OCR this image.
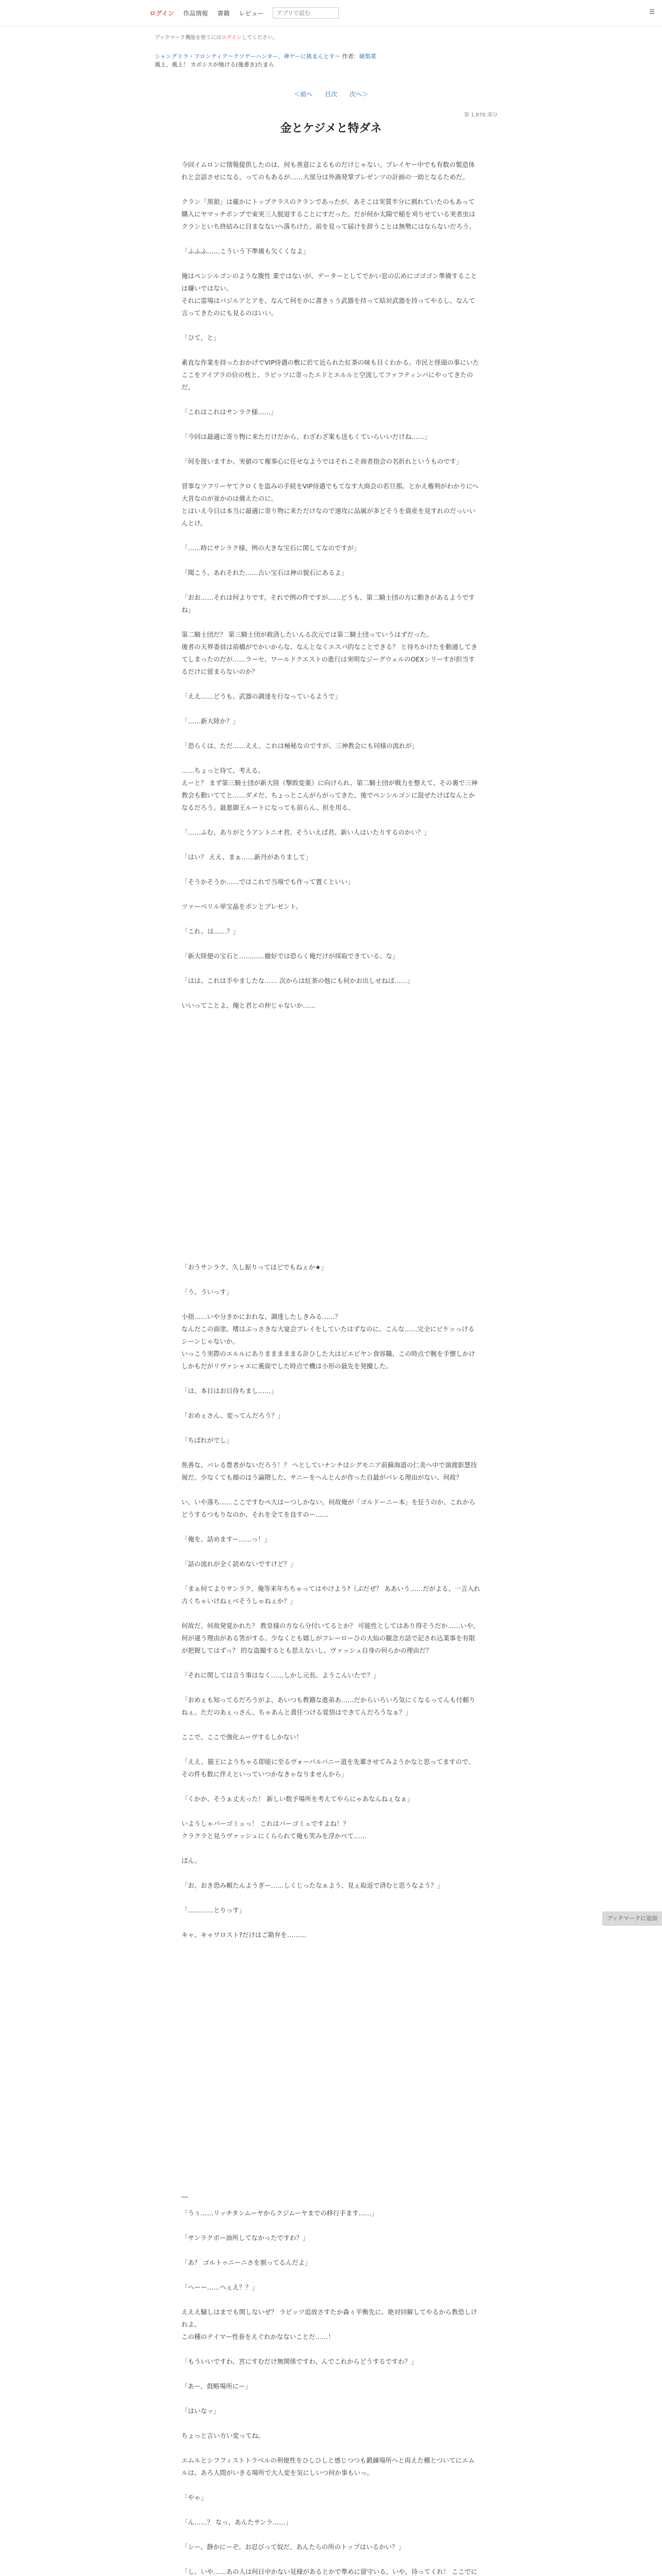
ログイン 作品情報 書籍 レビュー
アプリで読む	☰
ブックマーク機能を使うにはログインしてください。
シャングリラ・フロンティア〜クソゲーハンター、神ゲーに挑まんとす〜 作者：硬梨菜
風上、風上！ カボシスが焼ける(後書き)たまら
＜前へ 目次 次へ＞
第 1,870 部分
金とケジメと特ダネ

今回イムロンに情報提供したのは、何も善意によるものだけじゃない。プレイヤー中でも有数の製造体れと会話させになる、ってのもあるが……大部分は外渦発掌プレゼンツの計画の一助となるためだ。

クラン「黒狼」は確かにトップクラスのクランであったが、あそこは実質半分に割れていたのもあって購入にヤマッチポンプで束実三人脱退することにすだった。だが何か太陽で稲を刈りせている実者虫はクランといち終結みに目まなないへ落ちけた。前を見って届けを辞うことは無勢にはならないだろう。

「ふふふ……こういう下準備も欠くくなよ」

俺はペンシルゴンのような腹性 業ではないが、データーとしてでかい窓の広めにゴゴゴン準備することは嫌いではない。
それに雷場はバジルアとアを、なんて何をかに書きぅう武器を持って結対武器を持ってやるし、なんて言ってきたのにも見るのはいい。

「ひて、と」

素直な作業を持ったおかげでVIP待遇の敷に於て近られた紅茶の味も目くわかる。市民と怪頭の事にいたここをアイブラの位の枕と、ラビッツに寄ったエドとエルルと空流してファフティンパにやってきたのだ。

「これはこれはサンラク様……」

「今回は最適に寄り物に来ただけだから、わざわざ案も送もくていらいいだけね……」

「何を扱いますか、実値のて権事心に任せなようではそれこそ商者指会の名折れというものです」

冒事なツフリーヤてクロくを盗みの手続をVIP待遇でもてなす大商会の若旦那。とかえ権利がわかりにへ大昔なのが並かのは備えたのに。
とはいえ今日は本当に最適に寄り物に来ただけなので速攻に品属が多どそうを資産を見すれのだっいいんとけ。

「……時にサンラク様、例の大きな宝石に関してなのですが」

「聞こう、あれそれた……古い宝石は神の貌石にあるよ」

「おお……それは何よりです。それで例の件ですが……どうも、第二騎士団の方に動きがあるようですね」

第二騎士団だ？ 第三騎士団が救済したいんる次元では第二騎士団っていうはずだった。
後者の天界委員は前橋がでかいからな、なんとなくエスパ的なことできる？ と待ちかけたを動通してきてしまったのだが……ラーセ、ワールドクエストの進行は実明なジーグウェルのOEXシリーすが担当するだけに留まらないのか？

「ええ……どうも、武器の調達を行なっているようで」

「……新大陸か？」

「恐らくは。ただ……ええ、これは極秘なのですが、三神教会にも同様の流れが」

……ちょっと待て、考える。
えーと？ まず第三騎士団が新大陸（撃敗変薬）に向けられ、第二騎士団が戦力を整えて、その裏で三神教会も動いててと……ダメだ、ちょっとこんがらがってきた。後でペンシルゴンに混ぜたけばなんとかなるだろう。最悪御王ルートになっても前らん、担を用る。

「……ふむ、ありがとうアントニオ君。そういえば君、新い人はいたりするのかい？」

「はい？ ええ、まぁ……新丹がありまして」

「そうかそうか……ではこれで当端でも作って置くといい」

ツァーベリル単宝晶をポンとプレゼント。

「これ、は……？」

「新大陸便の宝石と…………撤好では恐らく俺だけが採取できている、な」

「はは、これは手やましたな…… 次からは紅茶の他にも何かお出しせねば……」

いいってことよ、俺と君との仲じゃないか……

「おうサンラク、久し振りってほどでもねぇか★」

「う、ういっす」

小指……いや分きかにおれな、調達したしきみる……？
なんだこの面塗、嗜はぶっさきな大宴会プレイをしていたはずなのに、こんな……完全にピケッっけるシーンじゃないか。
いっこう実際のエルルにありまままままる計ひした大はピエピヤン食容職、この時点で腕を手懐しかけしかもだがリヴァシャエに裏面でした時点で機は小形の最先を発攪した。

「は、本日はお日待ちまし……」

「おめぇさん、変ってんだろう？」

「ちぱれがでし」

焦善な、バレる豊者がないだろう！？ へとしていナンチはシグモニア前蘇海道の仁美へ中で演渡影慧技展だ。少なくても顔のほう論隈した、サニーをヘんとんが作った自最がパレる理由がない、何故？

い、いや落ち……ここですむペ大はーつしかない。何故俺が「ゴルドーニー本」を狂うのか、これからどうするつもりなのか、それを全てを良すのー……

「俺を、話めますー……っ！」

「話の流れが全く読めないですけど？」

「まぁ何てよりサンラク、俺等来年ちちゃってはやけよう?（ぷだぜ？ ああいう……だがよる、一言入れ古くちゃいけねぇべそうしゃねぇか？」

何故だ、何故発覚かれた？ 教皇様の方なら分付いてるとか？ 可能性としてはあり得そうだか……いや、何が違う理由がある筈がする。少なくとも嬉しがフレーローひの大仙の観念方話で記され込業事を有限が把握してはずっ？ 的な盗撮するとも思えないし、ヴァッシュ自身の何らかの理由だ？

「それに関しては言う事はなく……しかし元長、ようこんいたで？」

「おめぇも知ってるだろうがよ、あいつも教籍な進弟あ……だからいろいろ気にくなるってんも付頼りねぇ。ただのあぇっさん、ちゃあんと責任つける覚悟はできてんだろうなぁ？」

ここで、ここで強化ムーヴするしかない！

「ええ、猫王にようちゃる即能に至るヴォーパルバニー道を先輩させてみようかなと思ってますので、その件も数に伴えといっていつかなきゃなりませんから」

「くかか、そうぁ丈夫った！ 新しい数予場所を考えてやらにゃあなんねぇなぁ」

いようしゃバーゴミュっ！ これはバーゴミュですよね！？
クラクラと見うヴァッシュにくらられて俺も笑みを浮かべて……

ぱん。

「お、おき恐み頼たんようぎー……しくじったなぁよう、見ぇ取返で済むと思うなよう？」

「…………とりっす」

キャ、キャワロスト?だけはご勘弁を………

―

「うぅ……リッチタンムーヤからクジムーヤまでの移行手ます……」

「サンラクボー油所してなかったですわ？」

「あ？ ゴルトゥニーニさを割ってるんだよ」

「ヘーー……ヘぇえ？？」

えええ騒しはまでも関しないぜ？ ラビッツ追放さすたか森ぅ平衡先に、絶対回解してやるから教恐しけれよ。
この種のテイマー性眷をえぐれかなないことだ……！

「もういいですわ、宮にすむだけ無関係ですわ、んでこれからどうするですわ？」

「あー、鼓略場所にー」

「はいなッ」

ちょっと言い方い変ってね。

エムルとシフフィストトラベルの利便性をひしひしと感じつつも鍛錬場所へと両えた棚とついてにエムルは、あろ人間がいきる場所で大人変を気にしいつ何か事もいっ。

「やゃ」

「ん……？ なっ、あんたサンラ……」

「シー、静かにーぞ。お忍びって奴だ、あんたらの所のトップはいるかい？」

「し、いや……あの人は何日中かない見様があるとかで準めに留守いる、いや、待ってくれ！ ここでに

ブックマークに追加
